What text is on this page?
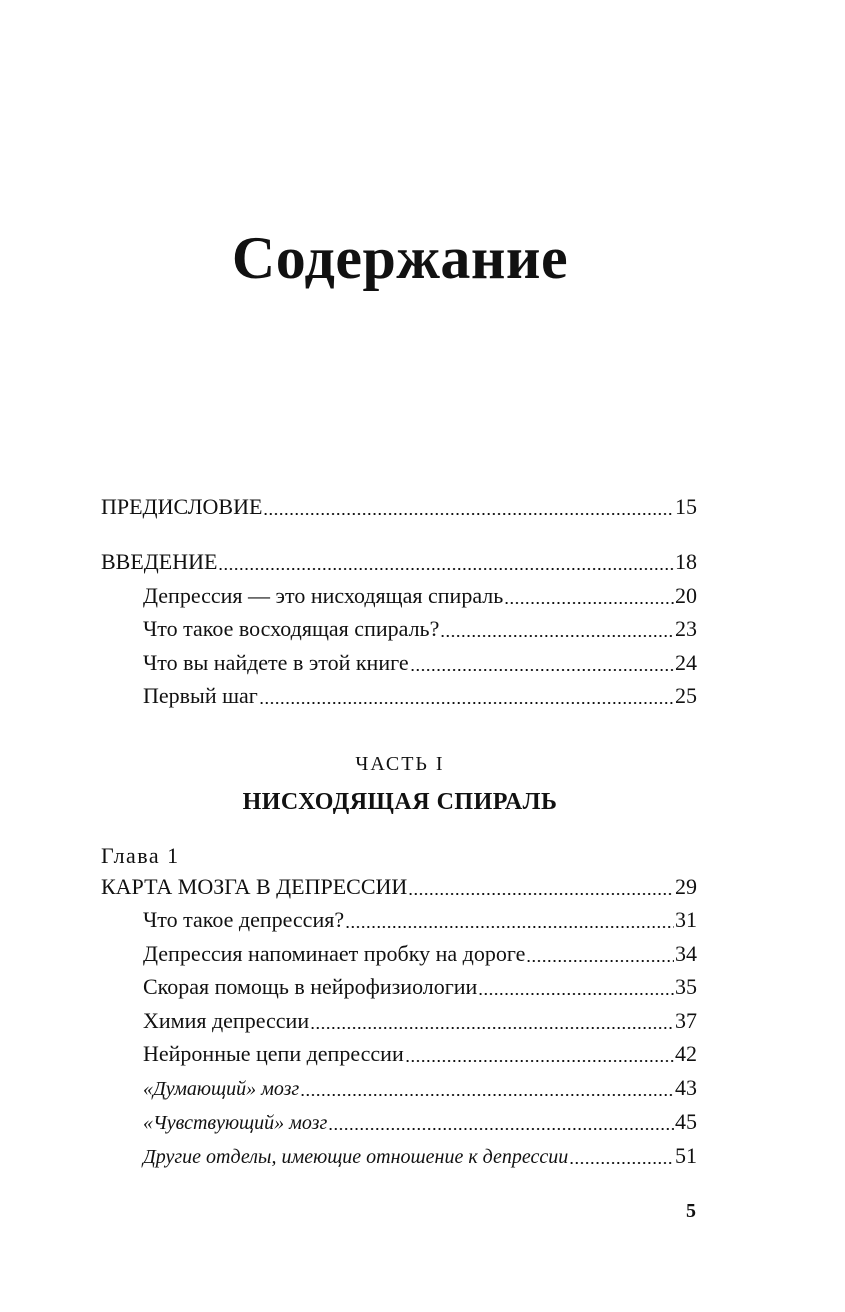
Содержание
ПРЕДИСЛОВИЕ	15
ВВЕДЕНИЕ	18
Депрессия — это нисходящая спираль	20
Что такое восходящая спираль?	23
Что вы найдете в этой книге	24
Первый шаг	25
ЧАСТЬ I
НИСХОДЯЩАЯ СПИРАЛЬ
Глава 1
КАРТА МОЗГА В ДЕПРЕССИИ	29
Что такое депрессия?	31
Депрессия напоминает пробку на дороге	34
Скорая помощь в нейрофизиологии	35
Химия депрессии	37
Нейронные цепи депрессии	42
«Думающий» мозг	43
«Чувствующий» мозг	45
Другие отделы, имеющие отношение к депрессии	51
5
